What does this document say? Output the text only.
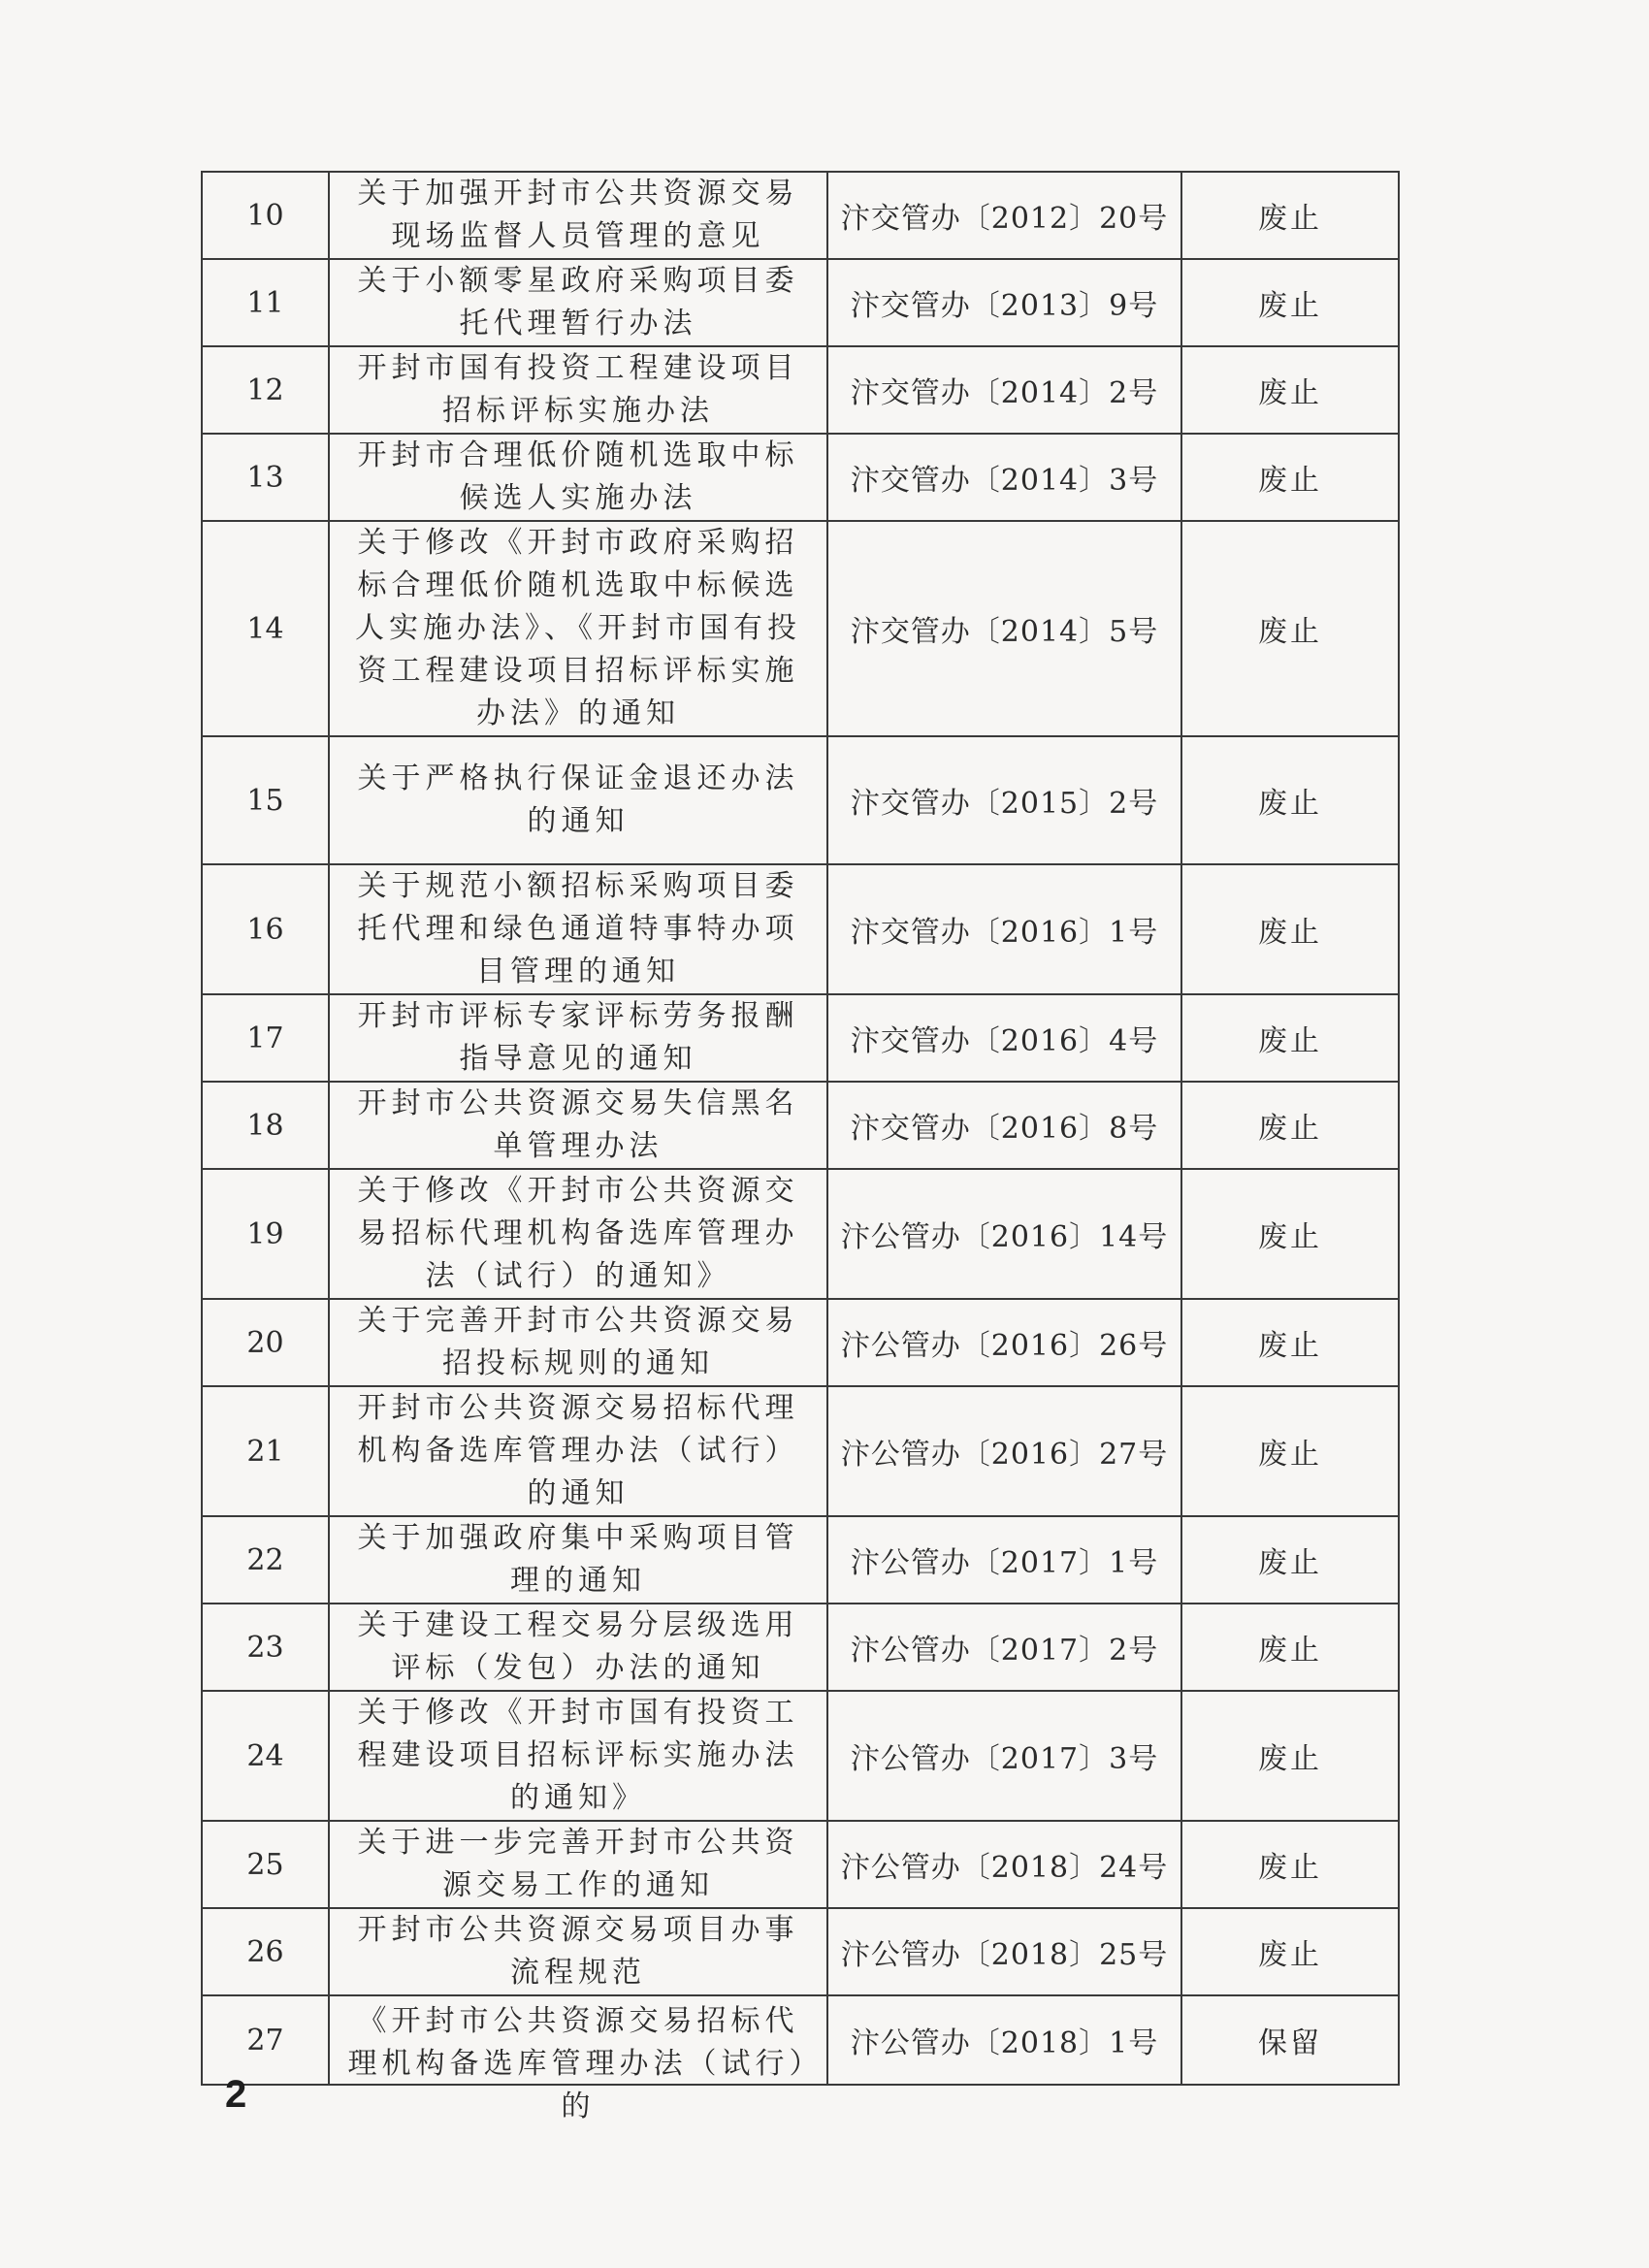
10	关于加强开封市公共资源交易现场监督人员管理的意见	汴交管办〔2012〕20号	废止
11	关于小额零星政府采购项目委托代理暂行办法	汴交管办〔2013〕9号	废止
12	开封市国有投资工程建设项目招标评标实施办法	汴交管办〔2014〕2号	废止
13	开封市合理低价随机选取中标候选人实施办法	汴交管办〔2014〕3号	废止
14	关于修改《开封市政府采购招标合理低价随机选取中标候选人实施办法》、《开封市国有投资工程建设项目招标评标实施办法》的通知	汴交管办〔2014〕5号	废止
15	关于严格执行保证金退还办法的通知	汴交管办〔2015〕2号	废止
16	关于规范小额招标采购项目委托代理和绿色通道特事特办项目管理的通知	汴交管办〔2016〕1号	废止
17	开封市评标专家评标劳务报酬指导意见的通知	汴交管办〔2016〕4号	废止
18	开封市公共资源交易失信黑名单管理办法	汴交管办〔2016〕8号	废止
19	关于修改《开封市公共资源交易招标代理机构备选库管理办法（试行）的通知》	汴公管办〔2016〕14号	废止
20	关于完善开封市公共资源交易招投标规则的通知	汴公管办〔2016〕26号	废止
21	开封市公共资源交易招标代理机构备选库管理办法（试行）的通知	汴公管办〔2016〕27号	废止
22	关于加强政府集中采购项目管理的通知	汴公管办〔2017〕1号	废止
23	关于建设工程交易分层级选用评标（发包）办法的通知	汴公管办〔2017〕2号	废止
24	关于修改《开封市国有投资工程建设项目招标评标实施办法的通知》	汴公管办〔2017〕3号	废止
25	关于进一步完善开封市公共资源交易工作的通知	汴公管办〔2018〕24号	废止
26	开封市公共资源交易项目办事流程规范	汴公管办〔2018〕25号	废止
27	《开封市公共资源交易招标代理机构备选库管理办法（试行）的	汴公管办〔2018〕1号	保留
2
